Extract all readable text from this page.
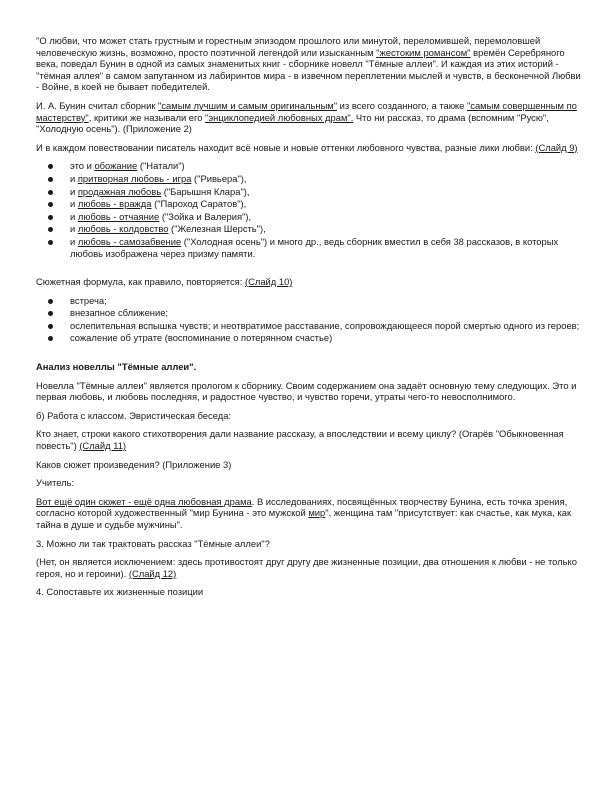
"О любви, что может стать грустным и горестным эпизодом прошлого или минутой, переломившей, перемоловшей человеческую жизнь, возможно, просто поэтичной легендой или изысканным "жестоким романсом" времён Серебряного века, поведал Бунин в одной из самых знаменитых книг - сборнике новелл "Тёмные аллеи". И каждая из этих историй - "тёмная аллея" в самом запутанном из лабиринтов мира - в извечном переплетении мыслей и чувств, в бесконечной Любви - Войне, в коей не бывает победителей.

И. А. Бунин считал сборник "самым лучшим и самым оригинальным" из всего созданного, а также "самым совершенным по мастерству", критики же называли его "энциклопедией любовных драм". Что ни рассказ, то драма (вспомним "Русю", "Холодную осень"). (Приложение 2)

И в каждом повествовании писатель находит всё новые и новые оттенки любовного чувства, разные лики любви: (Слайд 9)

это и обожание ("Натали")
и притворная любовь - игра ("Ривьера"),
и продажная любовь ("Барышня Клара"),
и любовь - вражда ("Пароход Саратов"),
и любовь - отчаяние ("Зойка и Валерия"),
и любовь - колдовство ("Железная Шерсть"),
и любовь - самозабвение ("Холодная осень") и много др., ведь сборник вместил в себя 38 рассказов, в которых любовь изображена через призму памяти.

Сюжетная формула, как правило, повторяется: (Слайд 10)

встреча;
внезапное сближение;
ослепительная вспышка чувств; и неотвратимое расставание, сопровождающееся порой смертью одного из героев;
сожаление об утрате (воспоминание о потерянном счастье)

Анализ новеллы "Тёмные аллеи".

Новелла "Тёмные аллеи" является прологом к сборнику. Своим содержанием она задаёт основную тему следующих. Это и первая любовь, и любовь последняя, и радостное чувство, и чувство горечи, утраты чего-то невосполнимого.

б) Работа с классом. Эвристическая беседа:

Кто знает, строки какого стихотворения дали название рассказу, а впоследствии и всему циклу? (Огарёв "Обыкновенная повесть") (Слайд 11)

Каков сюжет произведения? (Приложение 3)

Учитель:

Вот ещё один сюжет - ещё одна любовная драма. В исследованиях, посвящённых творчеству Бунина, есть точка зрения, согласно которой художественный "мир Бунина - это мужской мир", женщина там "присутствует: как счастье, как мука, как тайна в душе и судьбе мужчины".

3. Можно ли так трактовать рассказ "Тёмные аллеи"?

(Нет, он является исключением: здесь противостоят друг другу две жизненные позиции, два отношения к любви - не только героя, но и героини). (Слайд 12)

4. Сопоставьте их жизненные позиции
